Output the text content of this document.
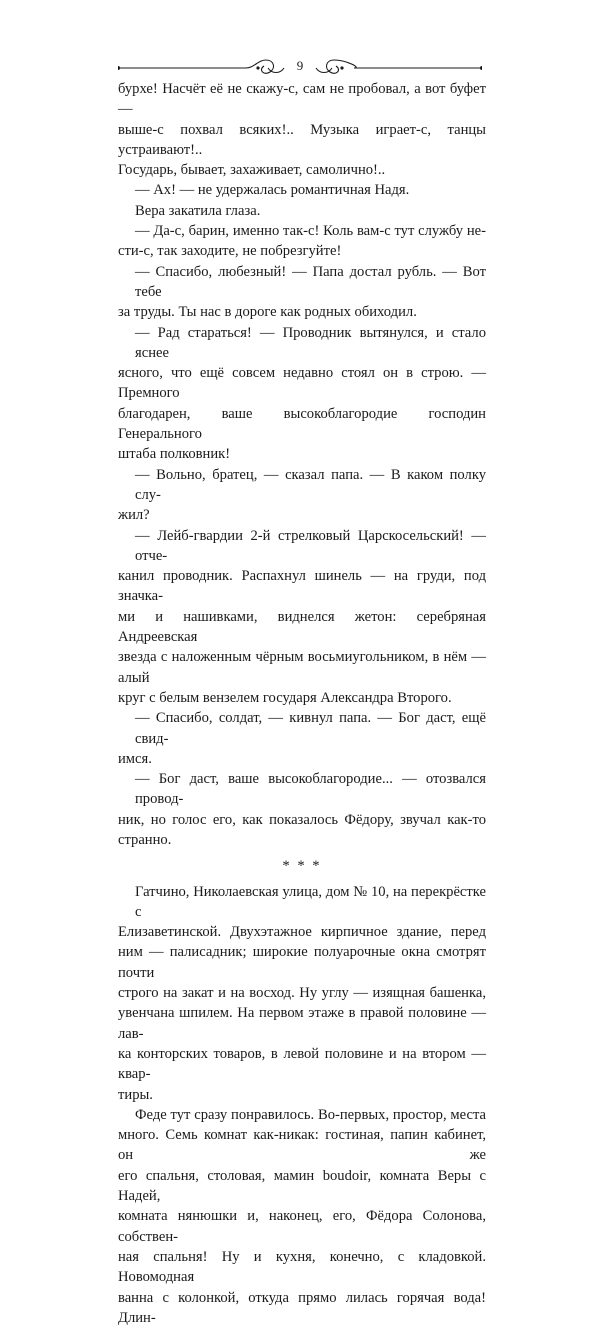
9

бурхе! Насчёт её не скажу-с, сам не пробовал, а вот буфет —

выше-с похвал всяких!.. Музыка играет-с, танцы устраивают!..

Государь, бывает, захаживает, самолично!..

— Ах! — не удержалась романтичная Надя.

Вера закатила глаза.

— Да-с, барин, именно так-с! Коль вам-с тут службу не-

сти-с, так заходите, не побрезгуйте!

— Спасибо, любезный! — Папа достал рубль. — Вот тебе

за труды. Ты нас в дороге как родных обиходил.

— Рад стараться! — Проводник вытянулся, и стало яснее

ясного, что ещё совсем недавно стоял он в строю. — Премного

благодарен, ваше высокоблагородие господин Генерального

штаба полковник!

— Вольно, братец, — сказал папа. — В каком полку слу-

жил?

— Лейб-гвардии 2-й стрелковый Царскосельский! — отче-

канил проводник. Распахнул шинель — на груди, под значка-

ми и нашивками, виднелся жетон: серебряная Андреевская

звезда с наложенным чёрным восьмиугольником, в нём — алый

круг с белым вензелем государя Александра Второго.

— Спасибо, солдат, — кивнул папа. — Бог даст, ещё свид-

имся.

— Бог даст, ваше высокоблагородие... — отозвался провод-

ник, но голос его, как показалось Фёдору, звучал как-то

странно.

* * *

Гатчино, Николаевская улица, дом № 10, на перекрёстке с

Елизаветинской. Двухэтажное кирпичное здание, перед

ним — палисадник; широкие полуарочные окна смотрят почти

строго на закат и на восход. Ну углу — изящная башенка,

увенчана шпилем. На первом этаже в правой половине — лав-

ка конторских товаров, в левой половине и на втором — квар-

тиры.

Феде тут сразу понравилось. Во-первых, простор, места

много. Семь комнат как-никак: гостиная, папин кабинет, он же

его спальня, столовая, мамин boudoir, комната Веры с Надей,

комната нянюшки и, наконец, его, Фёдора Солонова, собствен-

ная спальня! Ну и кухня, конечно, с кладовкой. Новомодная

ванна с колонкой, откуда прямо лилась горячая вода! Длин-
